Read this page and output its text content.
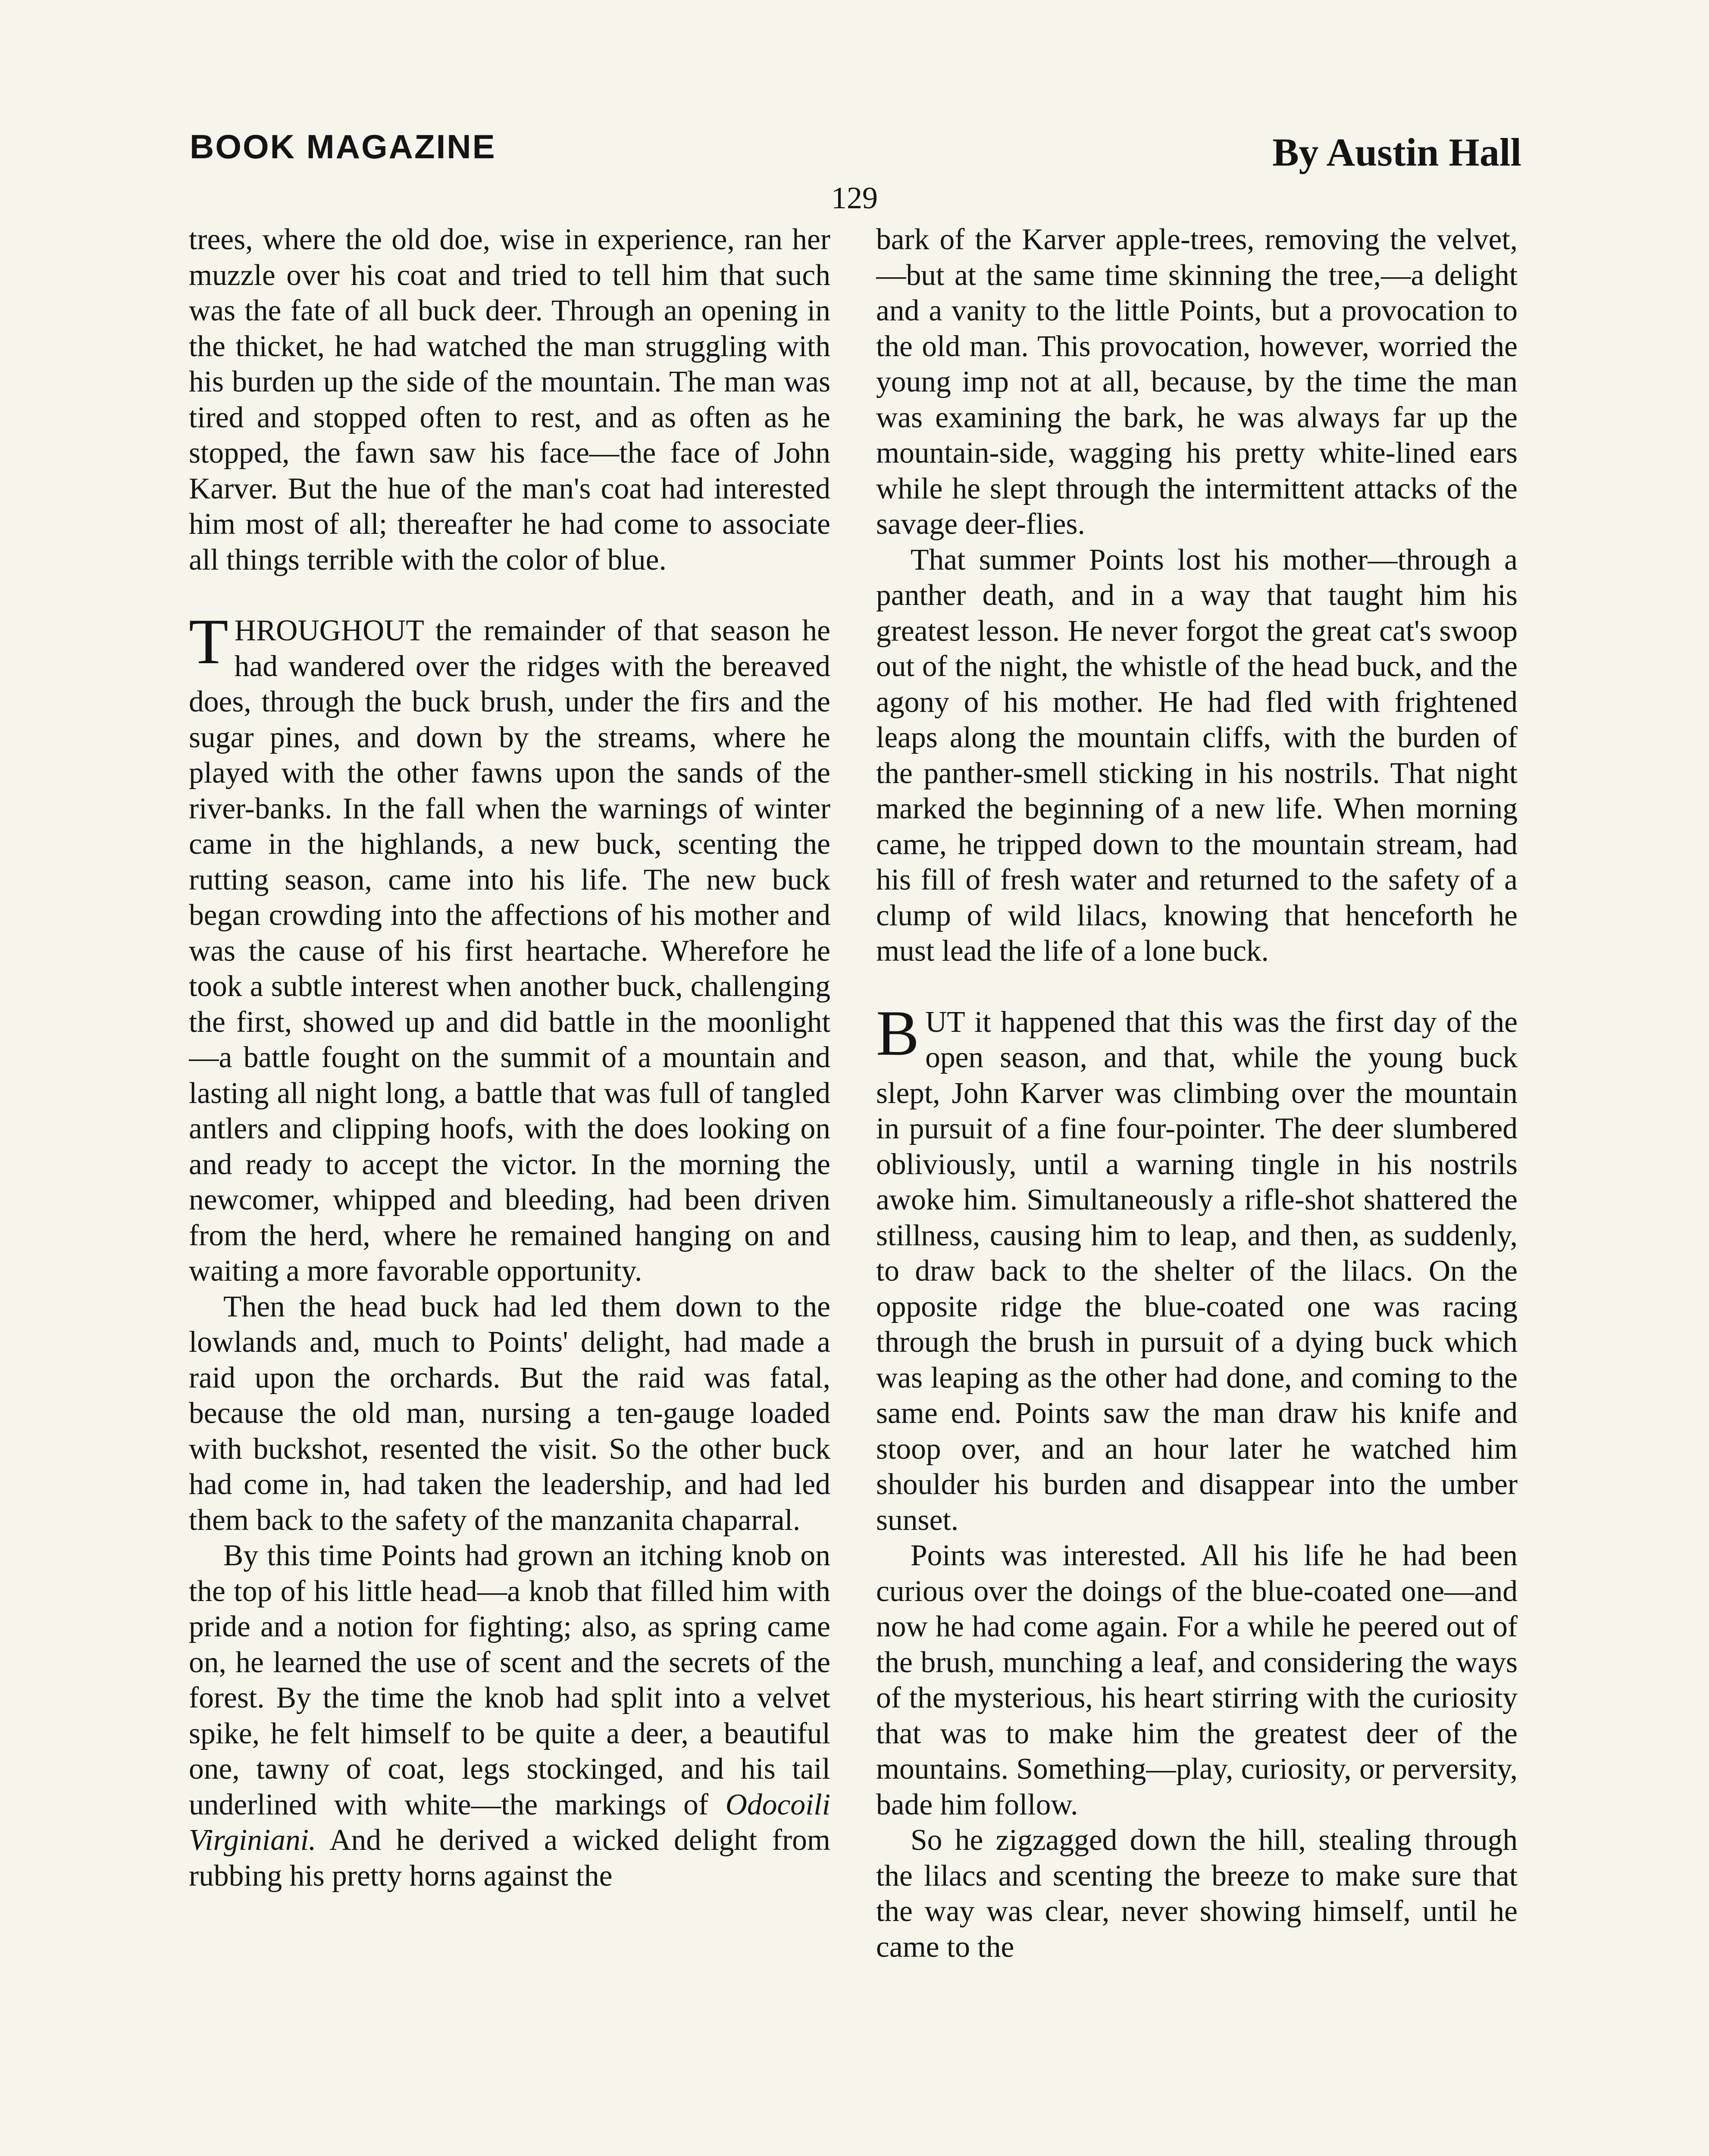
BOOK MAGAZINE	By Austin Hall
129

trees, where the old doe, wise in experience, ran her muzzle over his coat and tried to tell him that such was the fate of all buck deer. Through an opening in the thicket, he had watched the man struggling with his burden up the side of the mountain. The man was tired and stopped often to rest, and as often as he stopped, the fawn saw his face—the face of John Karver. But the hue of the man's coat had interested him most of all; thereafter he had come to associate all things terrible with the color of blue.

THROUGHOUT the remainder of that season he had wandered over the ridges with the bereaved does, through the buck brush, under the firs and the sugar pines, and down by the streams, where he played with the other fawns upon the sands of the river-banks. In the fall when the warnings of winter came in the highlands, a new buck, scenting the rutting season, came into his life. The new buck began crowding into the affections of his mother and was the cause of his first heartache. Wherefore he took a subtle interest when another buck, challenging the first, showed up and did battle in the moonlight—a battle fought on the summit of a mountain and lasting all night long, a battle that was full of tangled antlers and clipping hoofs, with the does looking on and ready to accept the victor. In the morning the newcomer, whipped and bleeding, had been driven from the herd, where he remained hanging on and waiting a more favorable opportunity.

Then the head buck had led them down to the lowlands and, much to Points' delight, had made a raid upon the orchards. But the raid was fatal, because the old man, nursing a ten-gauge loaded with buckshot, resented the visit. So the other buck had come in, had taken the leadership, and had led them back to the safety of the manzanita chaparral.

By this time Points had grown an itching knob on the top of his little head—a knob that filled him with pride and a notion for fighting; also, as spring came on, he learned the use of scent and the secrets of the forest. By the time the knob had split into a velvet spike, he felt himself to be quite a deer, a beautiful one, tawny of coat, legs stockinged, and his tail underlined with white—the markings of Odocoili Virginiani. And he derived a wicked delight from rubbing his pretty horns against the

bark of the Karver apple-trees, removing the velvet,—but at the same time skinning the tree,—a delight and a vanity to the little Points, but a provocation to the old man. This provocation, however, worried the young imp not at all, because, by the time the man was examining the bark, he was always far up the mountain-side, wagging his pretty white-lined ears while he slept through the intermittent attacks of the savage deer-flies.

That summer Points lost his mother—through a panther death, and in a way that taught him his greatest lesson. He never forgot the great cat's swoop out of the night, the whistle of the head buck, and the agony of his mother. He had fled with frightened leaps along the mountain cliffs, with the burden of the panther-smell sticking in his nostrils. That night marked the beginning of a new life. When morning came, he tripped down to the mountain stream, had his fill of fresh water and returned to the safety of a clump of wild lilacs, knowing that henceforth he must lead the life of a lone buck.

BUT it happened that this was the first day of the open season, and that, while the young buck slept, John Karver was climbing over the mountain in pursuit of a fine four-pointer. The deer slumbered obliviously, until a warning tingle in his nostrils awoke him. Simultaneously a rifle-shot shattered the stillness, causing him to leap, and then, as suddenly, to draw back to the shelter of the lilacs. On the opposite ridge the blue-coated one was racing through the brush in pursuit of a dying buck which was leaping as the other had done, and coming to the same end. Points saw the man draw his knife and stoop over, and an hour later he watched him shoulder his burden and disappear into the umber sunset.

Points was interested. All his life he had been curious over the doings of the blue-coated one—and now he had come again. For a while he peered out of the brush, munching a leaf, and considering the ways of the mysterious, his heart stirring with the curiosity that was to make him the greatest deer of the mountains. Something—play, curiosity, or perversity, bade him follow.

So he zigzagged down the hill, stealing through the lilacs and scenting the breeze to make sure that the way was clear, never showing himself, until he came to the
